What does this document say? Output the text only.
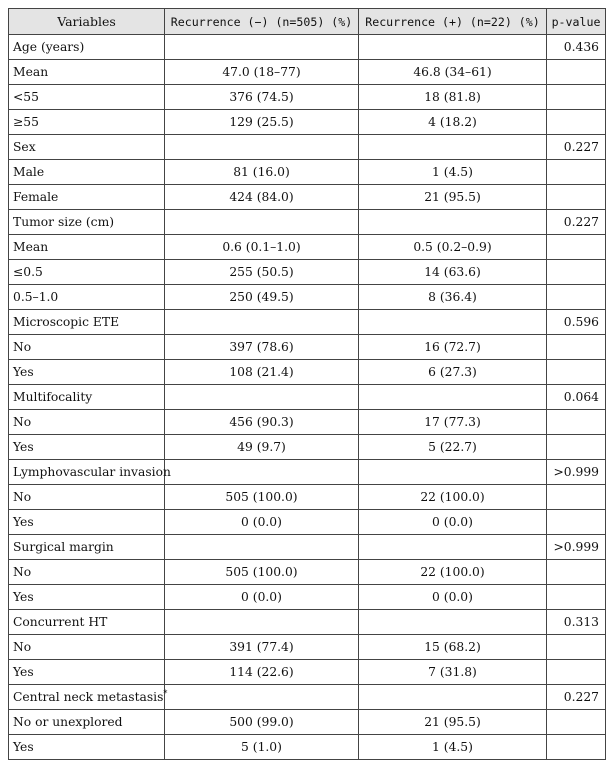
Variables	Recurrence (−) (n=505) (%)	Recurrence (+) (n=22) (%)	p-value
Age (years)			0.436
Mean	47.0 (18–77)	46.8 (34–61)	
<55	376 (74.5)	18 (81.8)	
≥55	129 (25.5)	4 (18.2)	
Sex			0.227
Male	81 (16.0)	1 (4.5)	
Female	424 (84.0)	21 (95.5)	
Tumor size (cm)			0.227
Mean	0.6 (0.1–1.0)	0.5 (0.2–0.9)	
≤0.5	255 (50.5)	14 (63.6)	
0.5–1.0	250 (49.5)	8 (36.4)	
Microscopic ETE			0.596
No	397 (78.6)	16 (72.7)	
Yes	108 (21.4)	6 (27.3)	
Multifocality			0.064
No	456 (90.3)	17 (77.3)	
Yes	49 (9.7)	5 (22.7)	
Lymphovascular invasion			>0.999
No	505 (100.0)	22 (100.0)	
Yes	0 (0.0)	0 (0.0)	
Surgical margin			>0.999
No	505 (100.0)	22 (100.0)	
Yes	0 (0.0)	0 (0.0)	
Concurrent HT			0.313
No	391 (77.4)	15 (68.2)	
Yes	114 (22.6)	7 (31.8)	
Central neck metastasis*			0.227
No or unexplored	500 (99.0)	21 (95.5)	
Yes	5 (1.0)	1 (4.5)	
